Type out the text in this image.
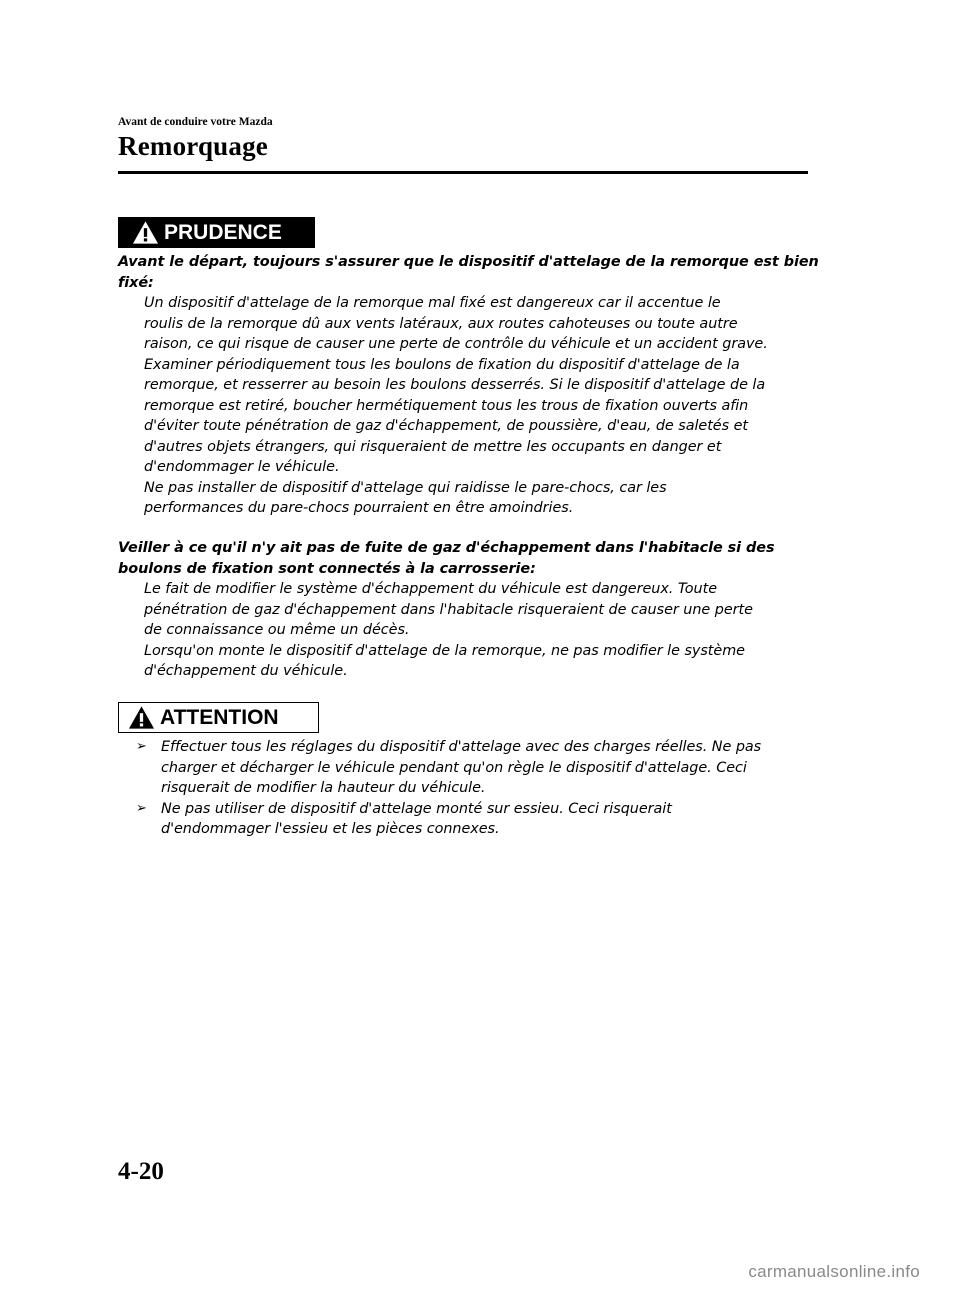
Avant de conduire votre Mazda
Remorquage
PRUDENCE

Avant le départ, toujours s'assurer que le dispositif d'attelage de la remorque est bien
fixé:

Un dispositif d'attelage de la remorque mal fixé est dangereux car il accentue le
roulis de la remorque dû aux vents latéraux, aux routes cahoteuses ou toute autre
raison, ce qui risque de causer une perte de contrôle du véhicule et un accident grave.
Examiner périodiquement tous les boulons de fixation du dispositif d'attelage de la
remorque, et resserrer au besoin les boulons desserrés. Si le dispositif d'attelage de la
remorque est retiré, boucher hermétiquement tous les trous de fixation ouverts afin
d'éviter toute pénétration de gaz d'échappement, de poussière, d'eau, de saletés et
d'autres objets étrangers, qui risqueraient de mettre les occupants en danger et
d'endommager le véhicule.
Ne pas installer de dispositif d'attelage qui raidisse le pare-chocs, car les
performances du pare-chocs pourraient en être amoindries.

Veiller à ce qu'il n'y ait pas de fuite de gaz d'échappement dans l'habitacle si des
boulons de fixation sont connectés à la carrosserie:

Le fait de modifier le système d'échappement du véhicule est dangereux. Toute
pénétration de gaz d'échappement dans l'habitacle risqueraient de causer une perte
de connaissance ou même un décès.
Lorsqu'on monte le dispositif d'attelage de la remorque, ne pas modifier le système
d'échappement du véhicule.

ATTENTION
➢ Effectuer tous les réglages du dispositif d'attelage avec des charges réelles. Ne pas
charger et décharger le véhicule pendant qu'on règle le dispositif d'attelage. Ceci
risquerait de modifier la hauteur du véhicule.
➢ Ne pas utiliser de dispositif d'attelage monté sur essieu. Ceci risquerait
d'endommager l'essieu et les pièces connexes.
4-20
carmanualsonline.info
